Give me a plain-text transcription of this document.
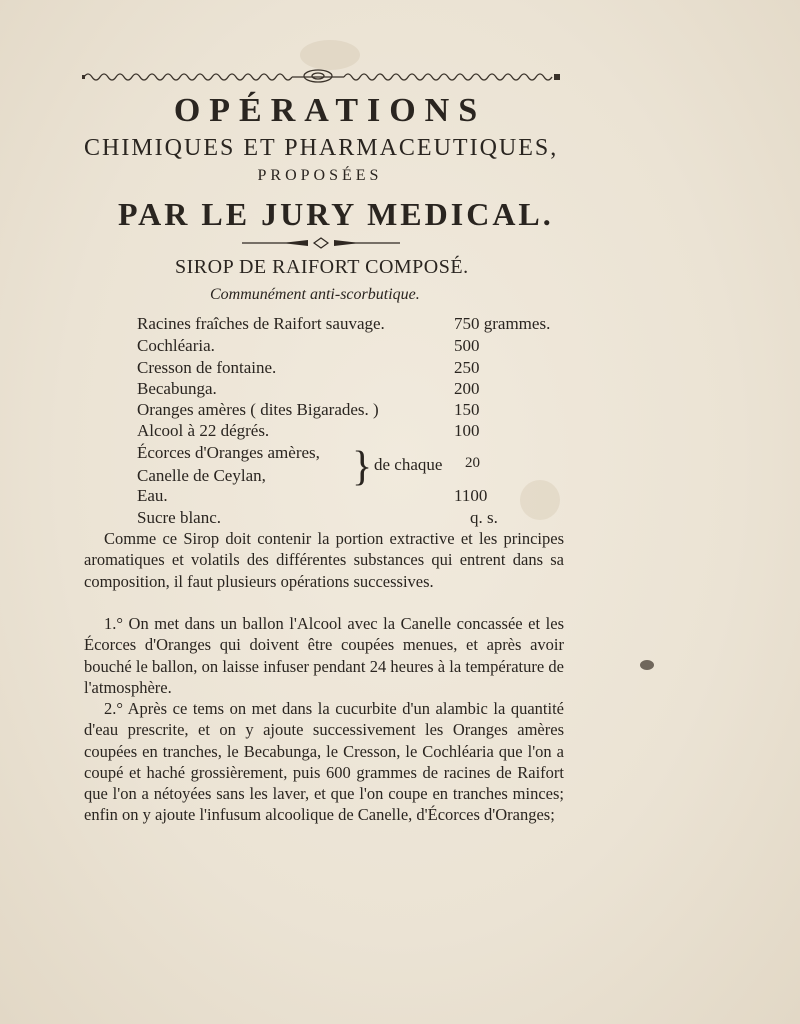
OPÉRATIONS
CHIMIQUES ET PHARMACEUTIQUES,
PROPOSÉES
PAR LE JURY MEDICAL.
SIROP DE RAIFORT COMPOSÉ.
Communément anti-scorbutique.
Racines fraîches de Raifort sauvage.	750 grammes.
Cochléaria.	500
Cresson de fontaine.	250
Becabunga.	200
Oranges amères ( dites Bigarades. )	150
Alcool à 22 dégrés.	100
Écorces d'Oranges amères,
Canelle de Ceylan, } de chaque 20
Eau.	1100
Sucre blanc.	q. s.
Comme ce Sirop doit contenir la portion extractive et les principes aromatiques et volatils des différentes substances qui entrent dans sa composition, il faut plusieurs opérations successives.
1.° On met dans un ballon l'Alcool avec la Canelle concassée et les Écorces d'Oranges qui doivent être coupées menues, et après avoir bouché le ballon, on laisse infuser pendant 24 heures à la température de l'atmosphère.
2.° Après ce tems on met dans la cucurbite d'un alambic la quantité d'eau prescrite, et on y ajoute successivement les Oranges amères coupées en tranches, le Becabunga, le Cresson, le Cochléaria que l'on a coupé et haché grossièrement, puis 600 grammes de racines de Raifort que l'on a nétoyées sans les laver, et que l'on coupe en tranches minces; enfin on y ajoute l'infusum alcoolique de Canelle, d'Écorces d'Oranges;
